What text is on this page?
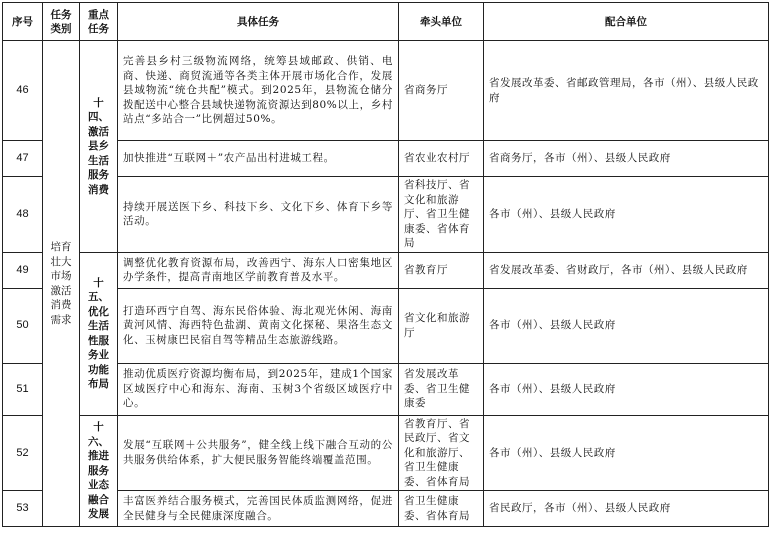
序号	任务类别	重点任务	具体任务	牵头单位	配合单位
46	培育壮大市场激活消费需求	十四、激活县乡生活服务消费	完善县乡村三级物流网络，统筹县域邮政、供销、电商、快递、商贸流通等各类主体开展市场化合作，发展县域物流“统仓共配”模式。到2025年，县物流仓储分拨配送中心整合县域快递物流资源达到80%以上，乡村站点“多站合一”比例超过50%。	省商务厅	省发展改革委、省邮政管理局，各市（州）、县级人民政府
47			加快推进“互联网＋”农产品出村进城工程。	省农业农村厅	省商务厅，各市（州）、县级人民政府
48			持续开展送医下乡、科技下乡、文化下乡、体育下乡等活动。	省科技厅、省文化和旅游厅、省卫生健康委、省体育局	各市（州）、县级人民政府
49		十五、优化生活性服务业功能布局	调整优化教育资源布局，改善西宁、海东人口密集地区办学条件，提高青南地区学前教育普及水平。	省教育厅	省发展改革委、省财政厅，各市（州）、县级人民政府
50			打造环西宁自驾、海东民俗体验、海北观光休闲、海南黄河风情、海西特色盐湖、黄南文化探秘、果洛生态文化、玉树康巴民宿自驾等精品生态旅游线路。	省文化和旅游厅	各市（州）、县级人民政府
51			推动优质医疗资源均衡布局，到2025年，建成1个国家区域医疗中心和海东、海南、玉树3个省级区域医疗中心。	省发展改革委、省卫生健康委	各市（州）、县级人民政府
52		十六、推进服务业态融合发展	发展“互联网＋公共服务”，健全线上线下融合互动的公共服务供给体系，扩大便民服务智能终端覆盖范围。	省教育厅、省民政厅、省文化和旅游厅、省卫生健康委、省体育局	各市（州）、县级人民政府
53			丰富医养结合服务模式，完善国民体质监测网络，促进全民健身与全民健康深度融合。	省卫生健康委、省体育局	省民政厅，各市（州）、县级人民政府
